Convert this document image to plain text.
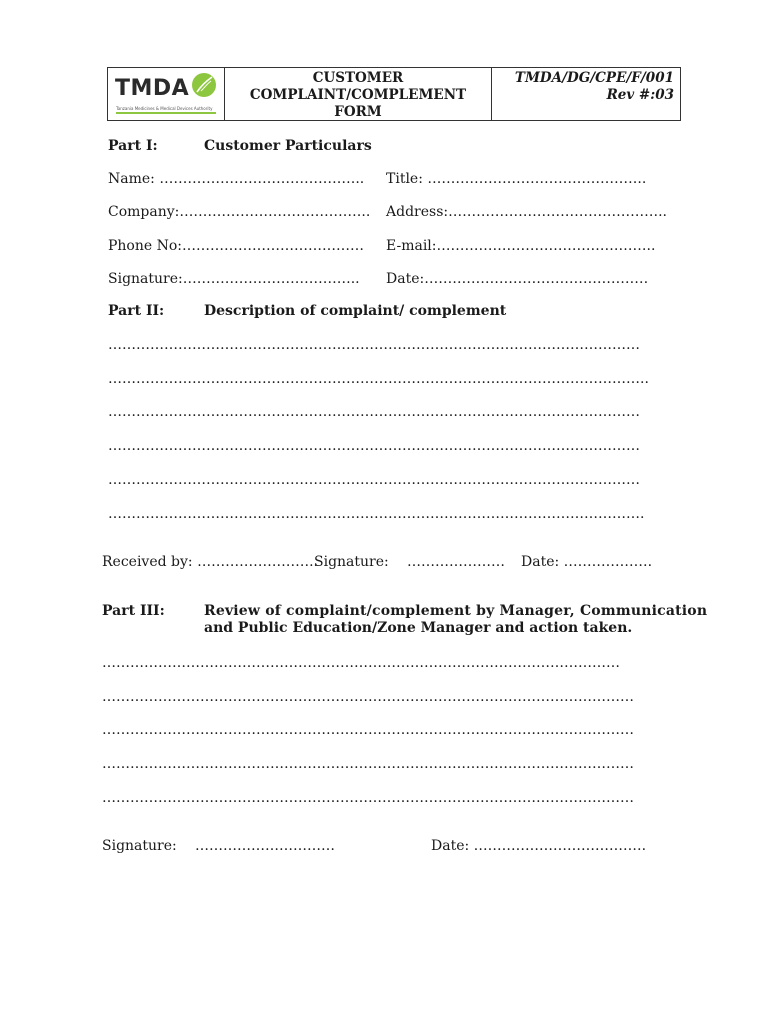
TMDA
Tanzania Medicines & Medical Devices Authority
CUSTOMER
COMPLAINT/COMPLEMENT FORM
TMDA/DG/CPE/F/001
Rev #:03
Part I:	Customer Particulars
Name: …………………………………….. Title: ………………………………………..
Company:………………………………….. Address:………………………………………..
Phone No:………………………………… E-mail:………………………………………..
Signature:……………………………….. Date:…………………………………………
Part II:	Description of complaint/ complement
……………………………………………………………………………………………………
……………………………………………………………………………………………………..
……………………………………………………………………………………………………
……………………………………………………………………………………………………
……………………………………………………………………………………………………
…………………………………………………………………………………………………….
Received by: ……………………..
Signature: ………………… Date: ……………….
Part III:	Review of complaint/complement by Manager, Communication
and Public Education/Zone Manager and action taken.
…………………………………………………………………………………………………
……………………………………………………………………………………………………
……………………………………………………………………………………………………
……………………………………………………………………………………………………
……………………………………………………………………………………………………
Signature: …………………………	Date: ……………………………….
